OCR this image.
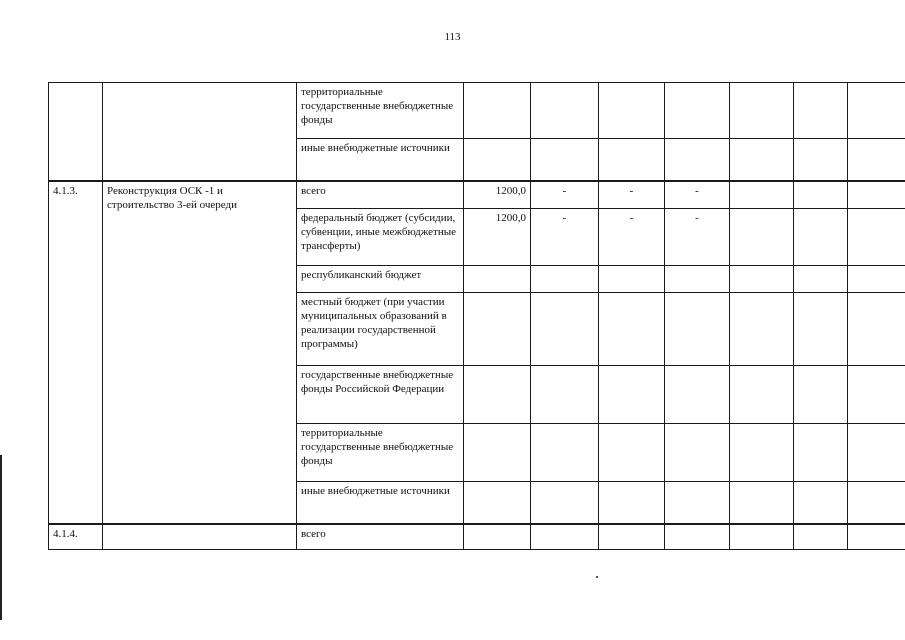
113
		территориальные государственные внебюджетные фонды							
		иные внебюджетные источники							
4.1.3.	Реконструкция ОСК -1 и строительство 3-ей очереди	всего	1200,0	-	-	-			
		федеральный бюджет (субсидии, субвенции, иные межбюджетные трансферты)	1200,0	-	-	-			
		республиканский бюджет							
		местный бюджет (при участии муниципальных образований в реализации государственной программы)							
		государственные внебюджетные фонды Российской Федерации							
		территориальные государственные внебюджетные фонды							
		иные внебюджетные источники							
4.1.4.		всего							
